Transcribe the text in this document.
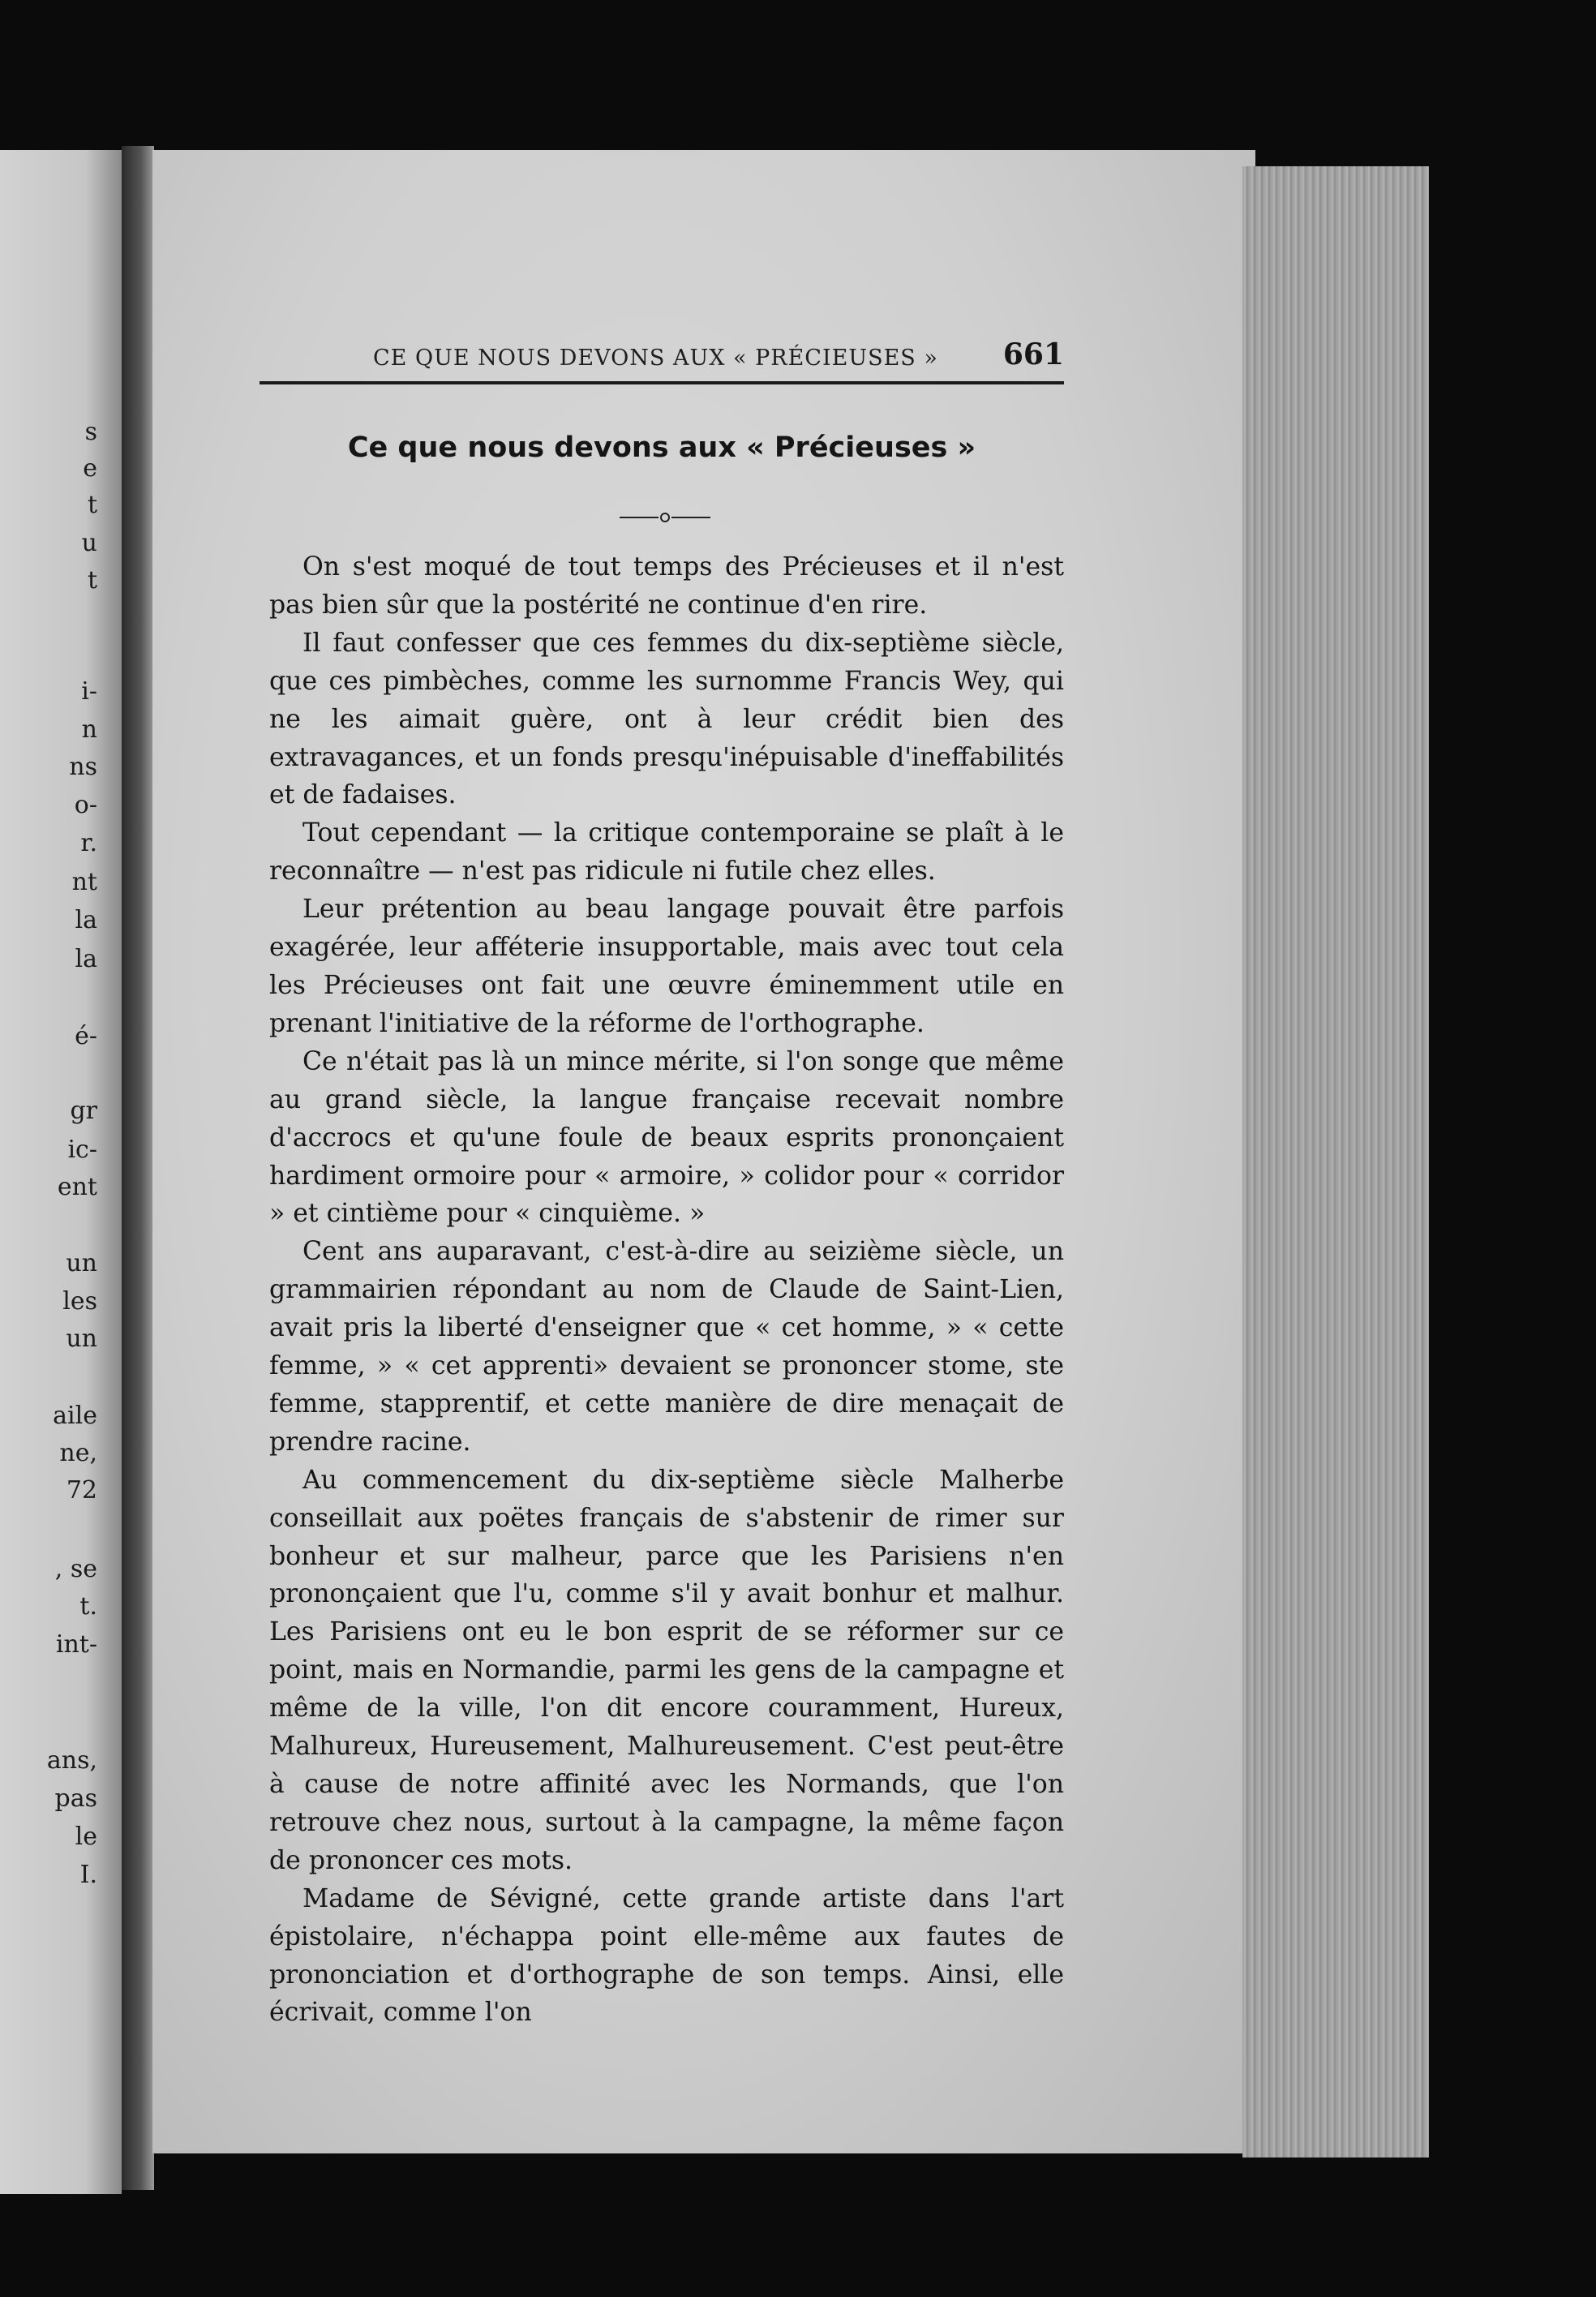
s
e
t
u
t
i-
n
ns
o-
r.
nt
la
la
é-
gr
ic-
ent
un
les
un
aile
ne,
72
, se
t.
int-
ans,
pas
le
I.
CE QUE NOUS DEVONS AUX « PRÉCIEUSES » 661
Ce que nous devons aux « Précieuses »

On s'est moqué de tout temps des Précieuses et il n'est pas bien sûr que la postérité ne continue d'en rire.

Il faut confesser que ces femmes du dix-septième siècle, que ces pimbèches, comme les surnomme Francis Wey, qui ne les aimait guère, ont à leur crédit bien des extravagances, et un fonds presqu'inépuisable d'ineffabilités et de fadaises.

Tout cependant — la critique contemporaine se plaît à le reconnaître — n'est pas ridicule ni futile chez elles.

Leur prétention au beau langage pouvait être parfois exagérée, leur afféterie insupportable, mais avec tout cela les Précieuses ont fait une œuvre éminemment utile en prenant l'initiative de la réforme de l'orthographe.

Ce n'était pas là un mince mérite, si l'on songe que même au grand siècle, la langue française recevait nombre d'accrocs et qu'une foule de beaux esprits prononçaient hardiment ormoire pour « armoire, » colidor pour « corridor » et cintième pour « cinquième. »

Cent ans auparavant, c'est-à-dire au seizième siècle, un grammairien répondant au nom de Claude de Saint-Lien, avait pris la liberté d'enseigner que « cet homme, » « cette femme, » « cet apprenti» devaient se prononcer stome, ste femme, stapprentif, et cette manière de dire menaçait de prendre racine.

Au commencement du dix-septième siècle Malherbe conseillait aux poëtes français de s'abstenir de rimer sur bonheur et sur malheur, parce que les Parisiens n'en prononçaient que l'u, comme s'il y avait bonhur et malhur. Les Parisiens ont eu le bon esprit de se réformer sur ce point, mais en Normandie, parmi les gens de la campagne et même de la ville, l'on dit encore couramment, Hureux, Malhureux, Hureusement, Malhureusement. C'est peut-être à cause de notre affinité avec les Normands, que l'on retrouve chez nous, surtout à la campagne, la même façon de prononcer ces mots.

Madame de Sévigné, cette grande artiste dans l'art épistolaire, n'échappa point elle-même aux fautes de prononciation et d'orthographe de son temps. Ainsi, elle écrivait, comme l'on
